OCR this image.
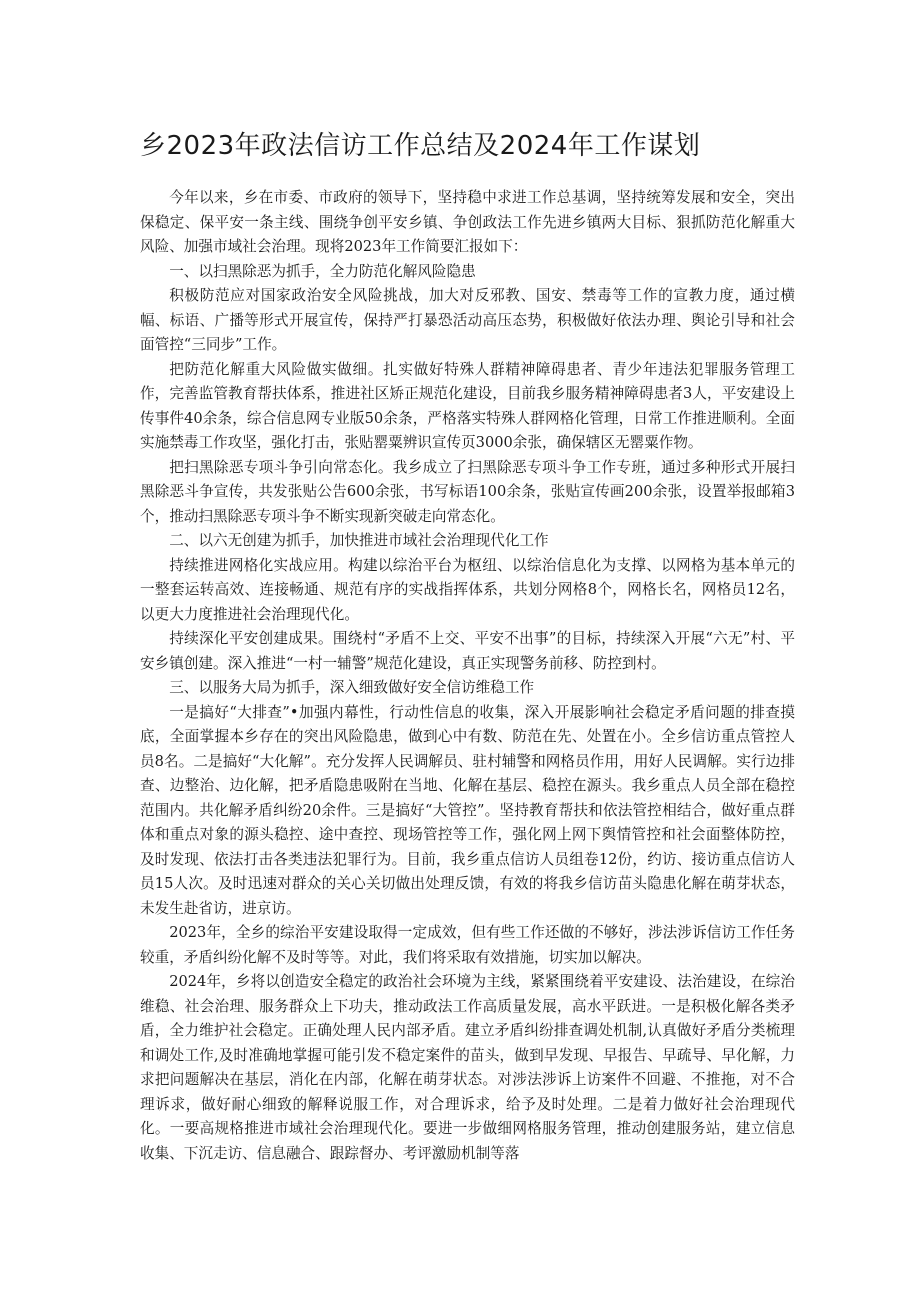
乡2023年政法信访工作总结及2024年工作谋划

今年以来，乡在市委、市政府的领导下，坚持稳中求进工作总基调，坚持统筹发展和安全，突出保稳定、保平安一条主线、围绕争创平安乡镇、争创政法工作先进乡镇两大目标、狠抓防范化解重大风险、加强市域社会治理。现将2023年工作简要汇报如下：

一、以扫黑除恶为抓手，全力防范化解风险隐患

积极防范应对国家政治安全风险挑战，加大对反邪教、国安、禁毒等工作的宣教力度，通过横幅、标语、广播等形式开展宣传，保持严打暴恐活动高压态势，积极做好依法办理、舆论引导和社会面管控“三同步”工作。

把防范化解重大风险做实做细。扎实做好特殊人群精神障碍患者、青少年违法犯罪服务管理工作，完善监管教育帮扶体系，推进社区矫正规范化建设，目前我乡服务精神障碍患者3人，平安建设上传事件40余条，综合信息网专业版50余条，严格落实特殊人群网格化管理，日常工作推进顺利。全面实施禁毒工作攻坚，强化打击，张贴罂粟辨识宣传页3000余张，确保辖区无罂粟作物。

把扫黑除恶专项斗争引向常态化。我乡成立了扫黑除恶专项斗争工作专班，通过多种形式开展扫黑除恶斗争宣传，共发张贴公告600余张，书写标语100余条，张贴宣传画200余张，设置举报邮箱3个，推动扫黑除恶专项斗争不断实现新突破走向常态化。

二、以六无创建为抓手，加快推进市域社会治理现代化工作

持续推进网格化实战应用。构建以综治平台为枢纽、以综治信息化为支撑、以网格为基本单元的一整套运转高效、连接畅通、规范有序的实战指挥体系，共划分网格8个，网格长名，网格员12名，以更大力度推进社会治理现代化。

持续深化平安创建成果。围绕村“矛盾不上交、平安不出事”的目标，持续深入开展“六无”村、平安乡镇创建。深入推进“一村一辅警”规范化建设，真正实现警务前移、防控到村。

三、以服务大局为抓手，深入细致做好安全信访维稳工作

一是搞好“大排查”•加强内幕性，行动性信息的收集，深入开展影响社会稳定矛盾问题的排查摸底，全面掌握本乡存在的突出风险隐患，做到心中有数、防范在先、处置在小。全乡信访重点管控人员8名。二是搞好“大化解”。充分发挥人民调解员、驻村辅警和网格员作用，用好人民调解。实行边排查、边整治、边化解，把矛盾隐患吸附在当地、化解在基层、稳控在源头。我乡重点人员全部在稳控范围内。共化解矛盾纠纷20余件。三是搞好“大管控”。坚持教育帮扶和依法管控相结合，做好重点群体和重点对象的源头稳控、途中查控、现场管控等工作，强化网上网下舆情管控和社会面整体防控，及时发现、依法打击各类违法犯罪行为。目前，我乡重点信访人员组卷12份，约访、接访重点信访人员15人次。及时迅速对群众的关心关切做出处理反馈，有效的将我乡信访苗头隐患化解在萌芽状态，未发生赴省访，进京访。

2023年，全乡的综治平安建设取得一定成效，但有些工作还做的不够好，涉法涉诉信访工作任务较重，矛盾纠纷化解不及时等等。对此，我们将采取有效措施，切实加以解决。

2024年，乡将以创造安全稳定的政治社会环境为主线，紧紧围绕着平安建设、法治建设，在综治维稳、社会治理、服务群众上下功夫，推动政法工作高质量发展，高水平跃进。一是积极化解各类矛盾，全力维护社会稳定。正确处理人民内部矛盾。建立矛盾纠纷排查调处机制,认真做好矛盾分类梳理和调处工作,及时准确地掌握可能引发不稳定案件的苗头，做到早发现、早报告、早疏导、早化解，力求把问题解决在基层，消化在内部，化解在萌芽状态。对涉法涉诉上访案件不回避、不推拖，对不合理诉求，做好耐心细致的解释说服工作，对合理诉求，给予及时处理。二是着力做好社会治理现代化。一要高规格推进市域社会治理现代化。要进一步做细网格服务管理，推动创建服务站，建立信息收集、下沉走访、信息融合、跟踪督办、考评激励机制等落
